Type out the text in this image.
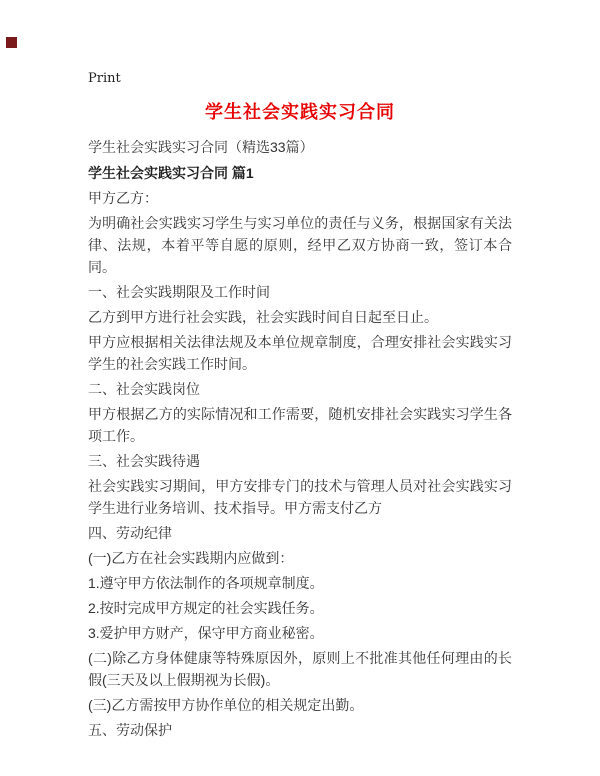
Print
学生社会实践实习合同

学生社会实践实习合同（精选33篇）

学生社会实践实习合同 篇1

甲方乙方：

为明确社会实践实习学生与实习单位的责任与义务，根据国家有关法律、法规，本着平等自愿的原则，经甲乙双方协商一致，签订本合同。

一、社会实践期限及工作时间

乙方到甲方进行社会实践，社会实践时间自日起至日止。

甲方应根据相关法律法规及本单位规章制度，合理安排社会实践实习学生的社会实践工作时间。

二、社会实践岗位

甲方根据乙方的实际情况和工作需要，随机安排社会实践实习学生各项工作。

三、社会实践待遇

社会实践实习期间，甲方安排专门的技术与管理人员对社会实践实习学生进行业务培训、技术指导。甲方需支付乙方

四、劳动纪律

(一)乙方在社会实践期内应做到：

1.遵守甲方依法制作的各项规章制度。

2.按时完成甲方规定的社会实践任务。

3.爱护甲方财产，保守甲方商业秘密。

(二)除乙方身体健康等特殊原因外，原则上不批准其他任何理由的长假(三天及以上假期视为长假)。

(三)乙方需按甲方协作单位的相关规定出勤。

五、劳动保护
